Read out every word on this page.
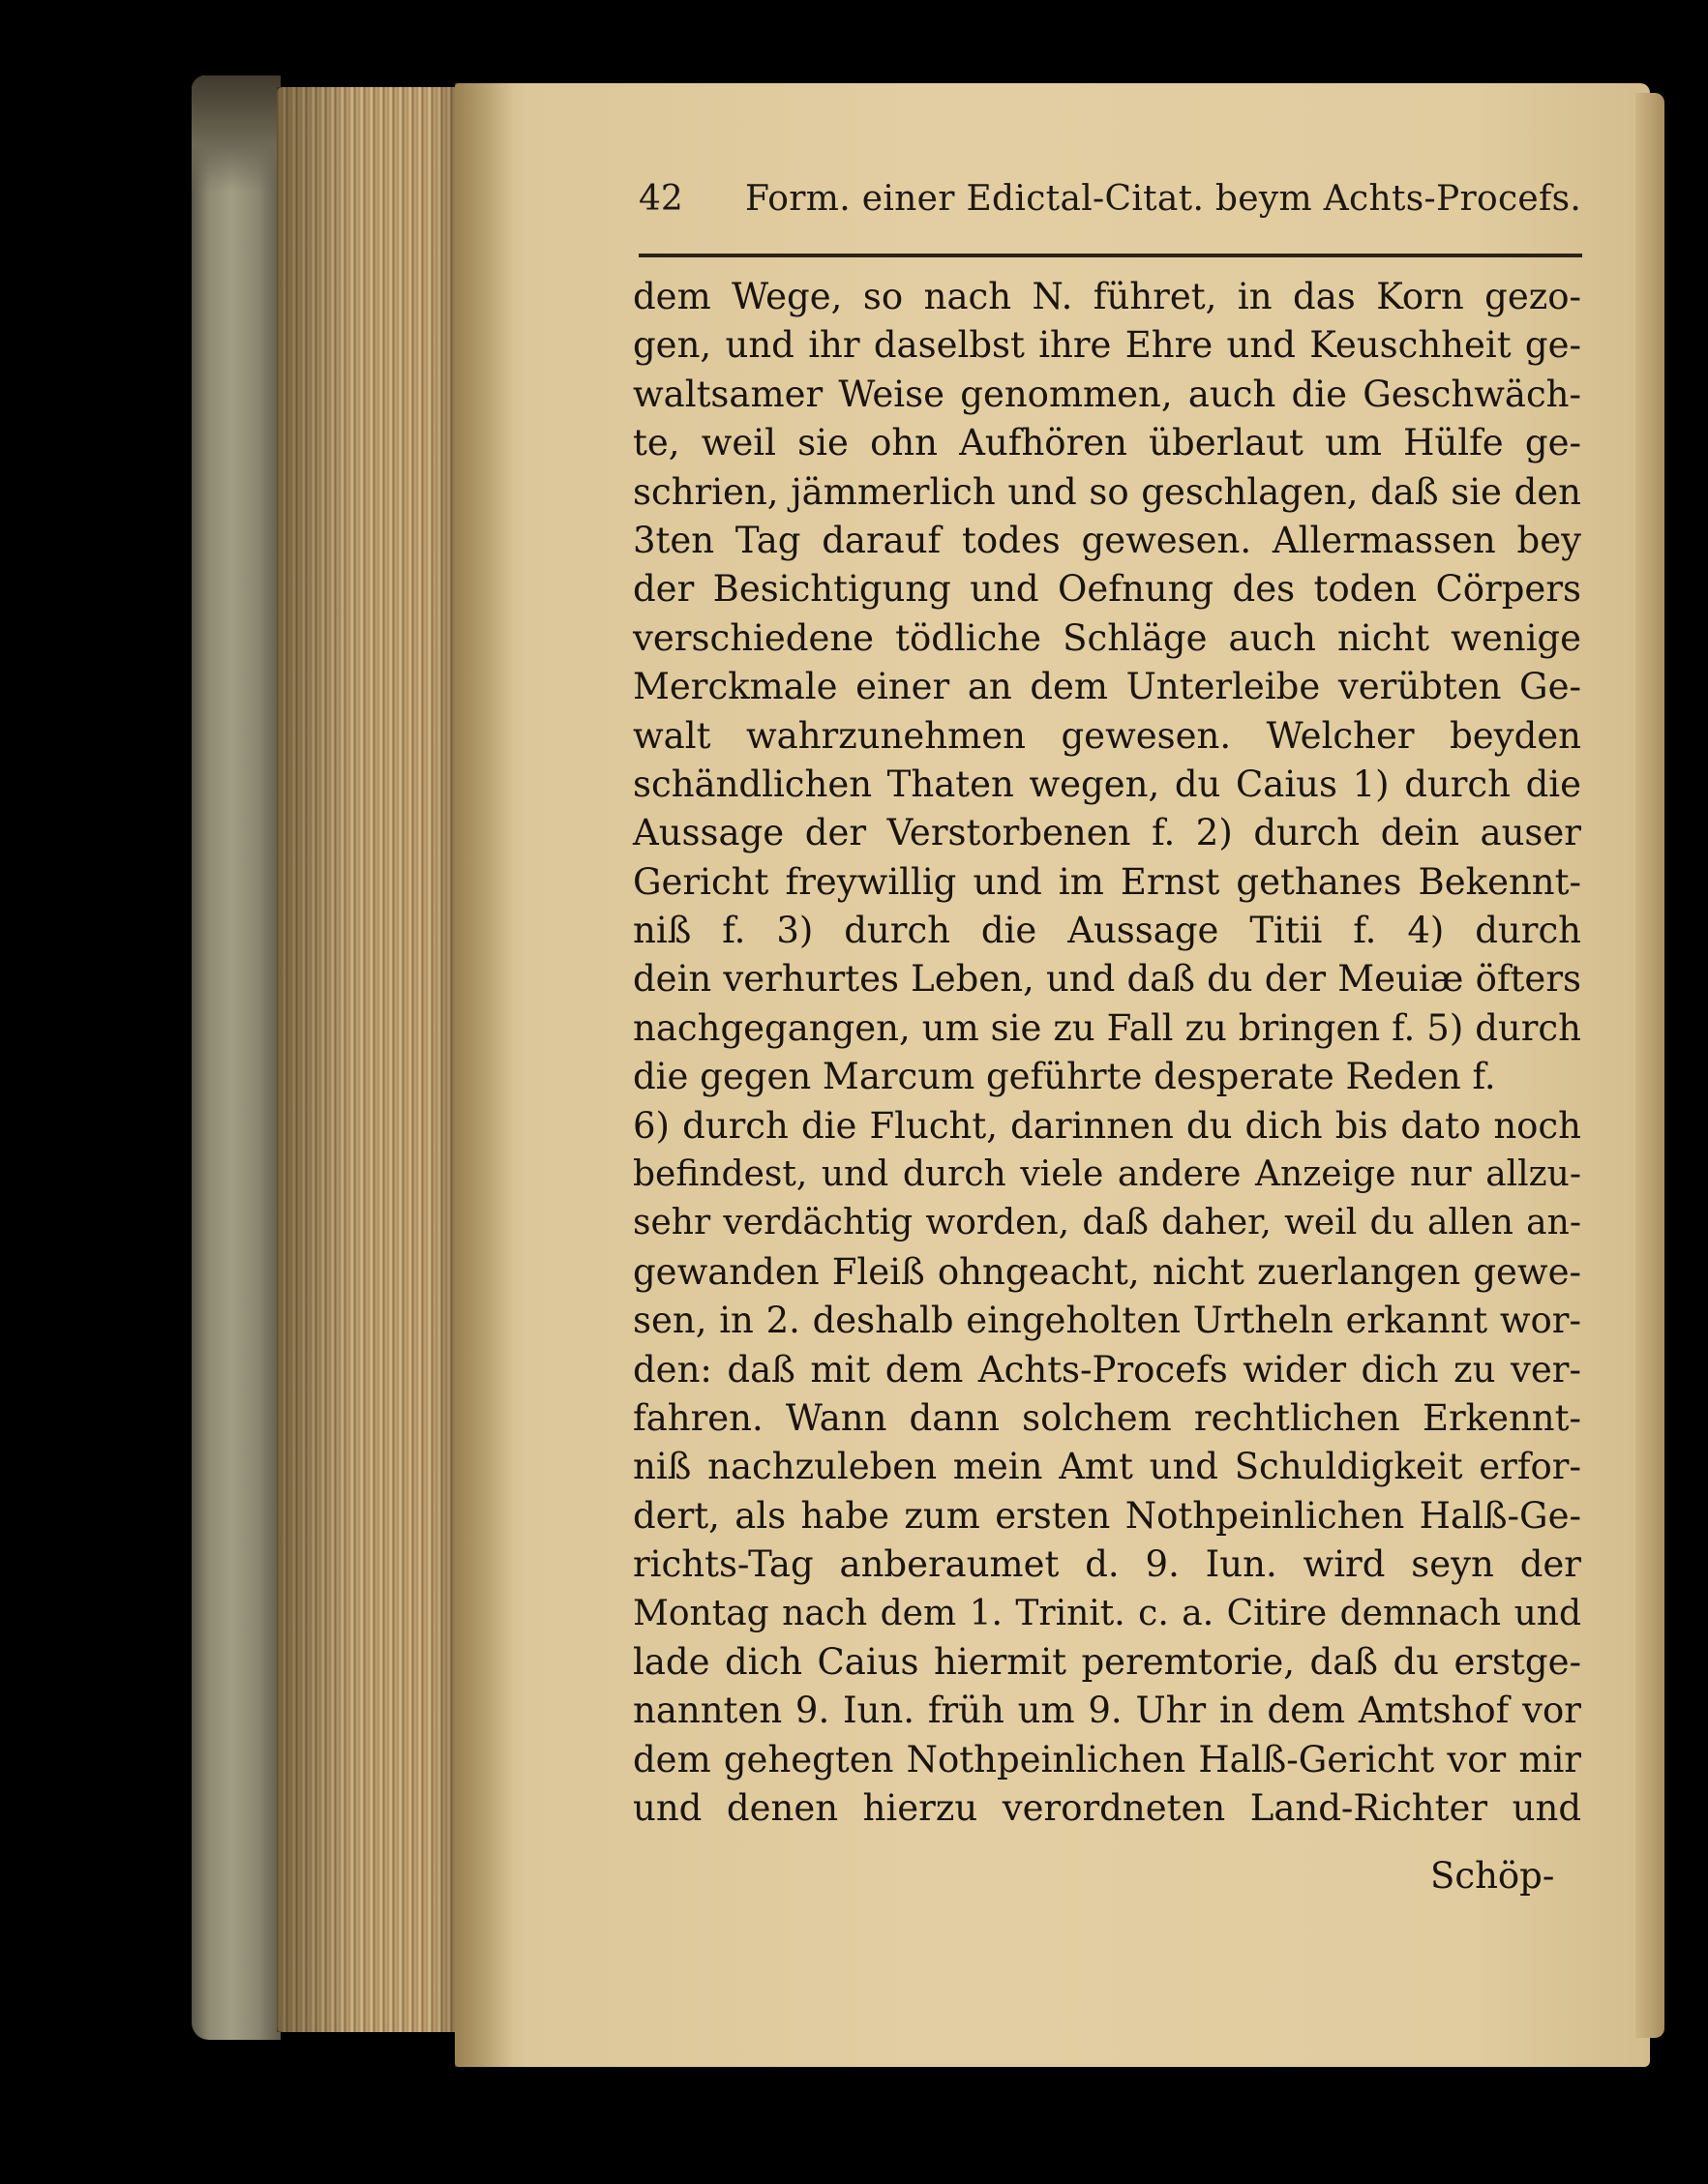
42 Form. einer Edictal-Citat. beym Achts-Procefs.
dem Wege, so nach N. führet, in das Korn gezo-
gen, und ihr daselbst ihre Ehre und Keuschheit ge-
waltsamer Weise genommen, auch die Geschwäch-
te, weil sie ohn Aufhören überlaut um Hülfe ge-
schrien, jämmerlich und so geschlagen, daß sie den
3ten Tag darauf todes gewesen. Allermassen bey
der Besichtigung und Oefnung des toden Cörpers
verschiedene tödliche Schläge auch nicht wenige
Merckmale einer an dem Unterleibe verübten Ge-
walt wahrzunehmen gewesen. Welcher beyden
schändlichen Thaten wegen, du Caius 1) durch die
Aussage der Verstorbenen f. 2) durch dein auser
Gericht freywillig und im Ernst gethanes Bekennt-
niß f. 3) durch die Aussage Titii f. 4) durch
dein verhurtes Leben, und daß du der Meuiæ öfters
nachgegangen, um sie zu Fall zu bringen f. 5) durch
die gegen Marcum geführte desperate Reden f.
6) durch die Flucht, darinnen du dich bis dato noch
befindest, und durch viele andere Anzeige nur allzu-
sehr verdächtig worden, daß daher, weil du allen an-
gewanden Fleiß ohngeacht, nicht zuerlangen gewe-
sen, in 2. deshalb eingeholten Urtheln erkannt wor-
den: daß mit dem Achts-Procefs wider dich zu ver-
fahren. Wann dann solchem rechtlichen Erkennt-
niß nachzuleben mein Amt und Schuldigkeit erfor-
dert, als habe zum ersten Nothpeinlichen Halß-Ge-
richts-Tag anberaumet d. 9. Iun. wird seyn der
Montag nach dem 1. Trinit. c. a. Citire demnach und
lade dich Caius hiermit peremtorie, daß du erstge-
nannten 9. Iun. früh um 9. Uhr in dem Amtshof vor
dem gehegten Nothpeinlichen Halß-Gericht vor mir
und denen hierzu verordneten Land-Richter und
Schöp-
